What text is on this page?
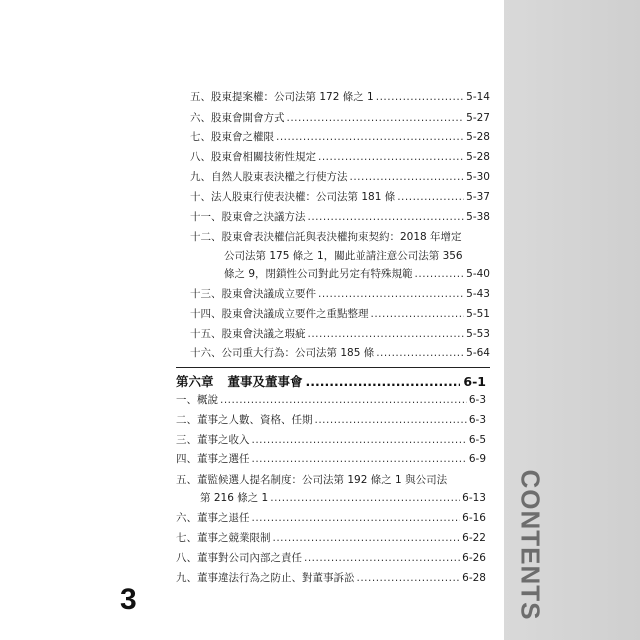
CONTENTS
五、股東提案權：公司法第 172 條之 1 .....	5-14
六、股東會開會方式 .....	5-27
七、股東會之權限 .....	5-28
八、股東會相關技術性規定 .....	5-28
九、自然人股東表決權之行使方法 .....	5-30
十、法人股東行使表決權：公司法第 181 條 .....	5-37
十一、股東會之決議方法 .....	5-38
十二、股東會表決權信託與表決權拘束契約：2018 年增定
公司法第 175 條之 1，關此並請注意公司法第 356
條之 9，閉鎖性公司對此另定有特殊規範 .....	5-40
十三、股東會決議成立要件 .....	5-43
十四、股東會決議成立要件之重點整理 .....	5-51
十五、股東會決議之瑕疵 .....	5-53
十六、公司重大行為：公司法第 185 條 .....	5-64
第六章 董事及董事會 .....	6-1
一、概說 .....	6-3
二、董事之人數、資格、任期 .....	6-3
三、董事之收入 .....	6-5
四、董事之選任 .....	6-9
五、董監候選人提名制度：公司法第 192 條之 1 與公司法
第 216 條之 1 .....	6-13
六、董事之退任 .....	6-16
七、董事之競業限制 .....	6-22
八、董事對公司內部之責任 .....	6-26
九、董事違法行為之防止、對董事訴訟 .....	6-28
3
